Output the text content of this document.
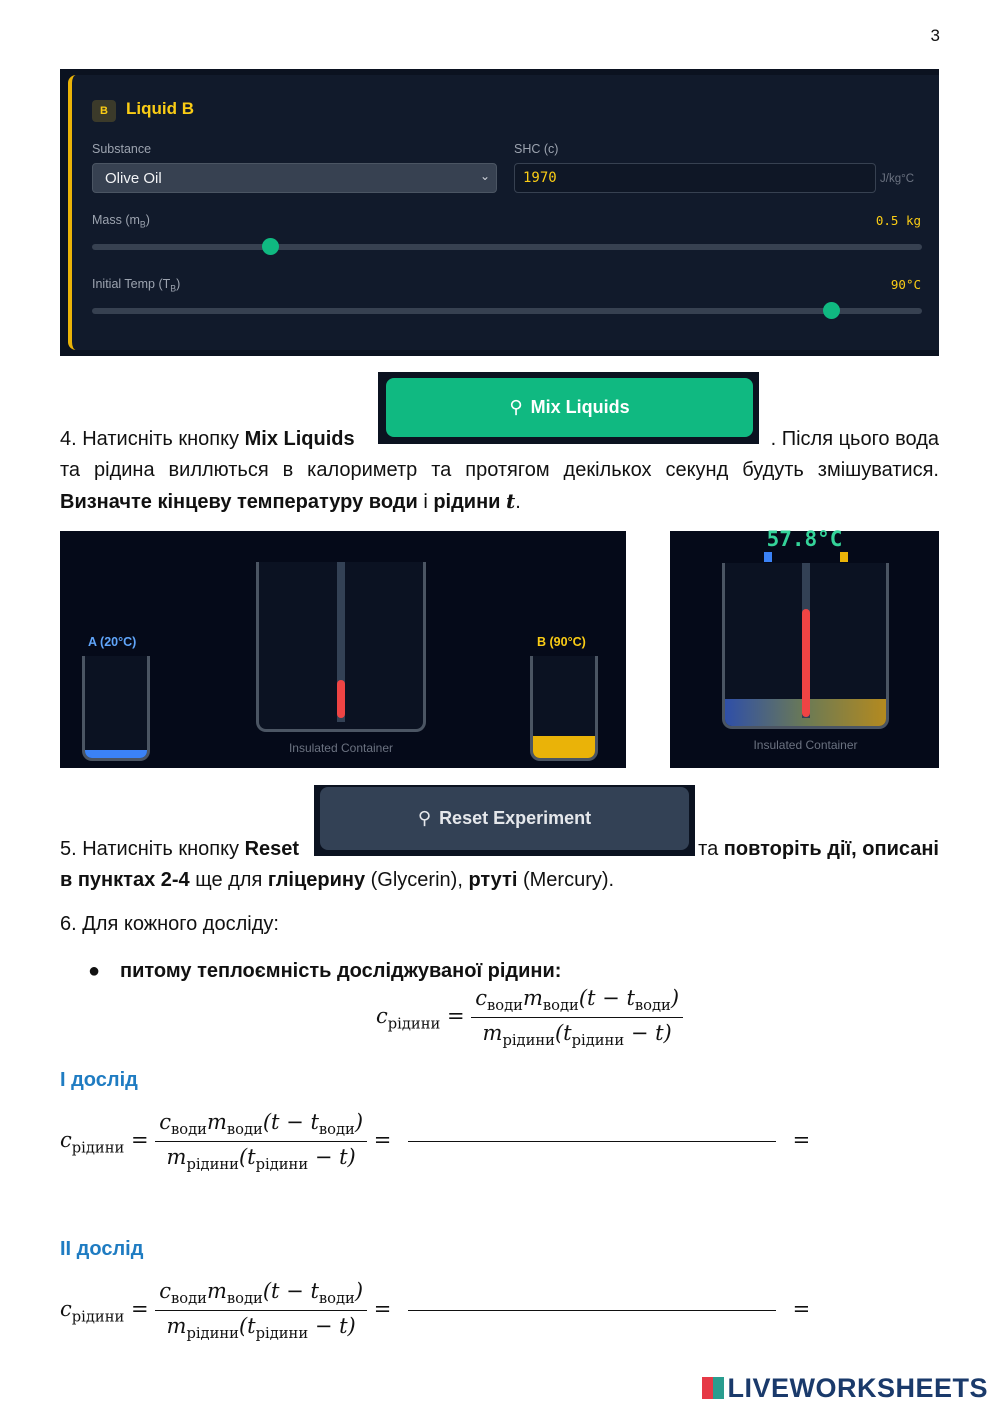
3
B	Liquid B
Substance
Olive Oil	⌄
SHC (c)
1970	J/kg°C
Mass $(m_B)$	0.5 kg
Initial Temp $(T_B)$	90°C
⚲ Mix Liquids
4. Натисніть кнопку Mix Liquids	. Після цього вода
та рідина виллються в калориметр та протягом декількох секунд будуть змішуватися.
Визначте кінцеву температуру води і рідини t.
Insulated Container
A (20°C)	B (90°C)
57.8°C
Insulated Container
⚲ Reset Experiment
5. Натисніть кнопку Reset	та повторіть дії, описані
в пунктах 2-4 ще для гліцерину (Glycerin), ртуті (Mercury).
6. Для кожного досліду:
● питому теплоємність досліджуваної рідини:
$c_{рідини} = \frac{c_{води}m_{води}(t - t_{води})}{m_{рідини}(t_{рідини} - t)}$
I дослід
$c_{рідини} = \frac{c_{води}m_{води}(t - t_{води})}{m_{рідини}(t_{рідини} - t)}$ =	=
II дослід
$c_{рідини} = \frac{c_{води}m_{води}(t - t_{води})}{m_{рідини}(t_{рідини} - t)}$ =	=
LIVEWORKSHEETS
